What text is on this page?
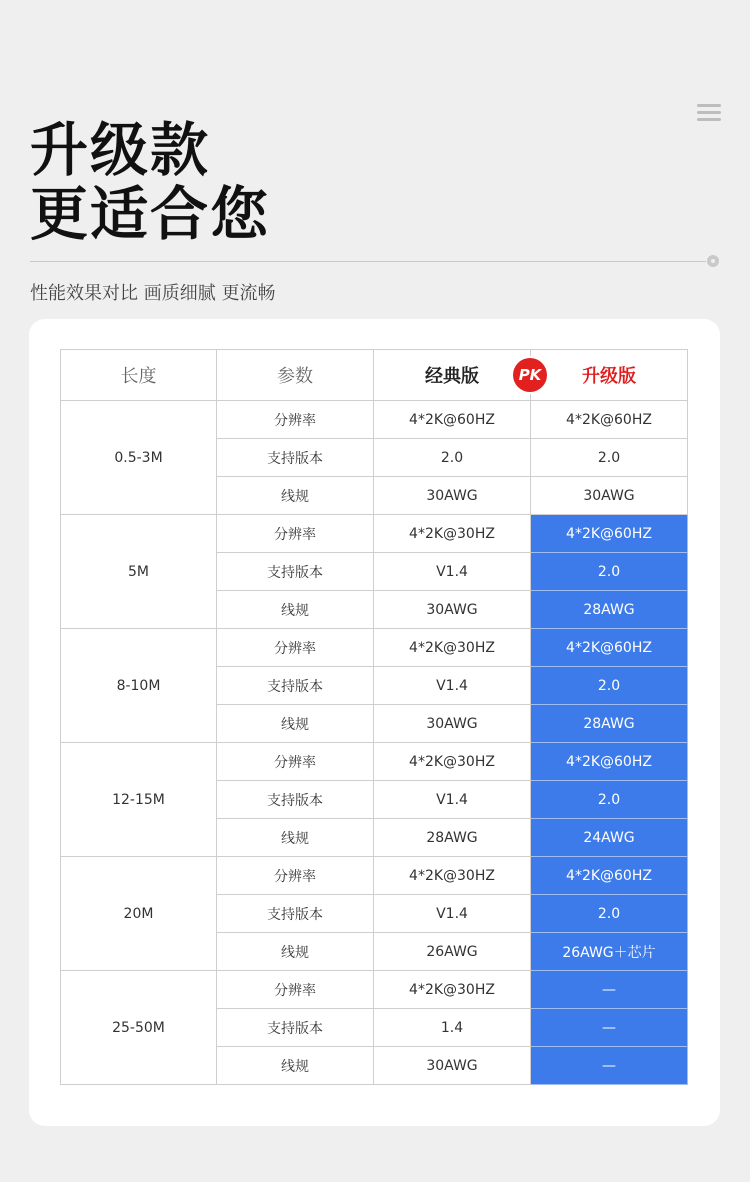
升级款
更适合您
性能效果对比 画质细腻 更流畅
长度	参数	经典版 PK	升级版
0.5-3M	分辨率	4*2K@60HZ	4*2K@60HZ
	支持版本	2.0	2.0
	线规	30AWG	30AWG
5M	分辨率	4*2K@30HZ	4*2K@60HZ
	支持版本	V1.4	2.0
	线规	30AWG	28AWG
8-10M	分辨率	4*2K@30HZ	4*2K@60HZ
	支持版本	V1.4	2.0
	线规	30AWG	28AWG
12-15M	分辨率	4*2K@30HZ	4*2K@60HZ
	支持版本	V1.4	2.0
	线规	28AWG	24AWG
20M	分辨率	4*2K@30HZ	4*2K@60HZ
	支持版本	V1.4	2.0
	线规	26AWG	26AWG＋芯片
25-50M	分辨率	4*2K@30HZ	—
	支持版本	1.4	—
	线规	30AWG	—
